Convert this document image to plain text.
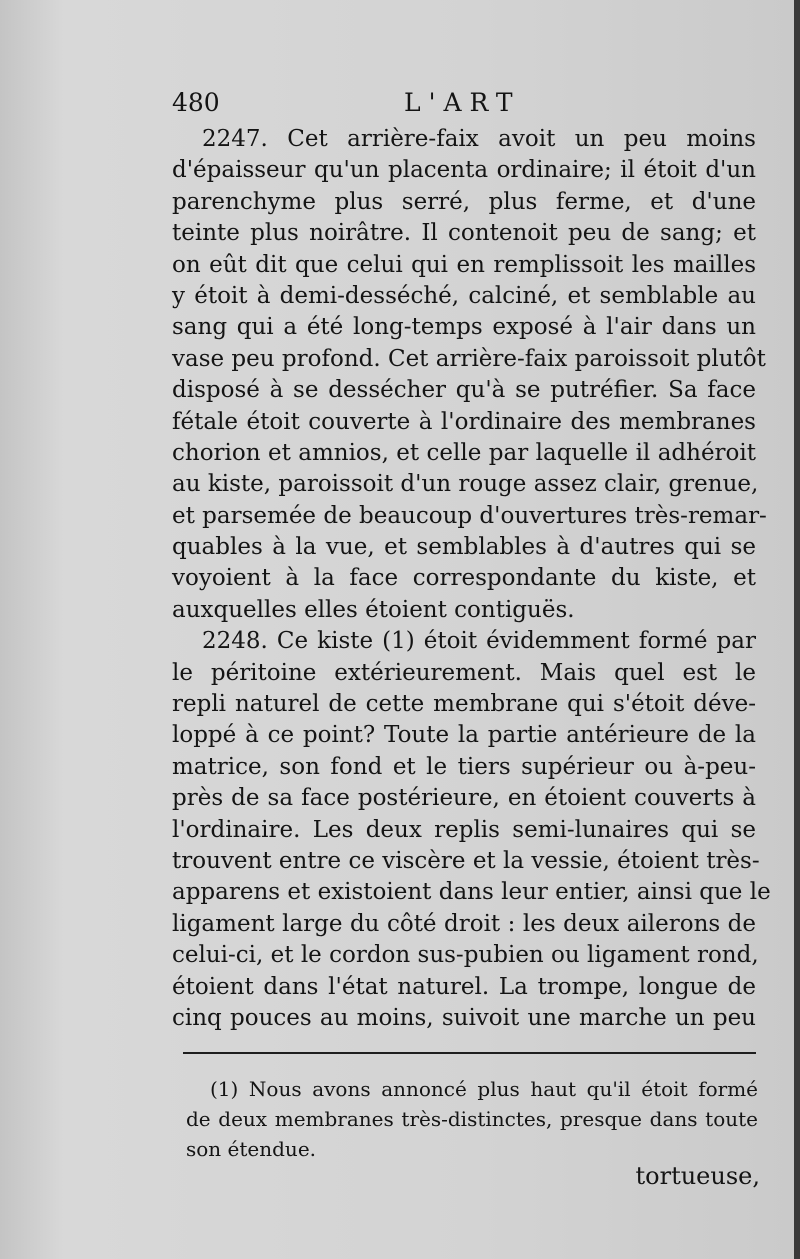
480	L'ART
2247. Cet arrière-faix avoit un peu moins
d'épaisseur qu'un placenta ordinaire; il étoit d'un
parenchyme plus serré, plus ferme, et d'une
teinte plus noirâtre. Il contenoit peu de sang; et
on eût dit que celui qui en remplissoit les mailles
y étoit à demi-desséché, calciné, et semblable au
sang qui a été long-temps exposé à l'air dans un
vase peu profond. Cet arrière-faix paroissoit plutôt
disposé à se dessécher qu'à se putréfier. Sa face
fétale étoit couverte à l'ordinaire des membranes
chorion et amnios, et celle par laquelle il adhéroit
au kiste, paroissoit d'un rouge assez clair, grenue,
et parsemée de beaucoup d'ouvertures très-remar-
quables à la vue, et semblables à d'autres qui se
voyoient à la face correspondante du kiste, et
auxquelles elles étoient contiguës.
2248. Ce kiste (1) étoit évidemment formé par
le péritoine extérieurement. Mais quel est le
repli naturel de cette membrane qui s'étoit déve-
loppé à ce point? Toute la partie antérieure de la
matrice, son fond et le tiers supérieur ou à-peu-
près de sa face postérieure, en étoient couverts à
l'ordinaire. Les deux replis semi-lunaires qui se
trouvent entre ce viscère et la vessie, étoient très-
apparens et existoient dans leur entier, ainsi que le
ligament large du côté droit : les deux ailerons de
celui-ci, et le cordon sus-pubien ou ligament rond,
étoient dans l'état naturel. La trompe, longue de
cinq pouces au moins, suivoit une marche un peu
(1) Nous avons annoncé plus haut qu'il étoit formé
de deux membranes très-distinctes, presque dans toute
son étendue.
tortueuse,
